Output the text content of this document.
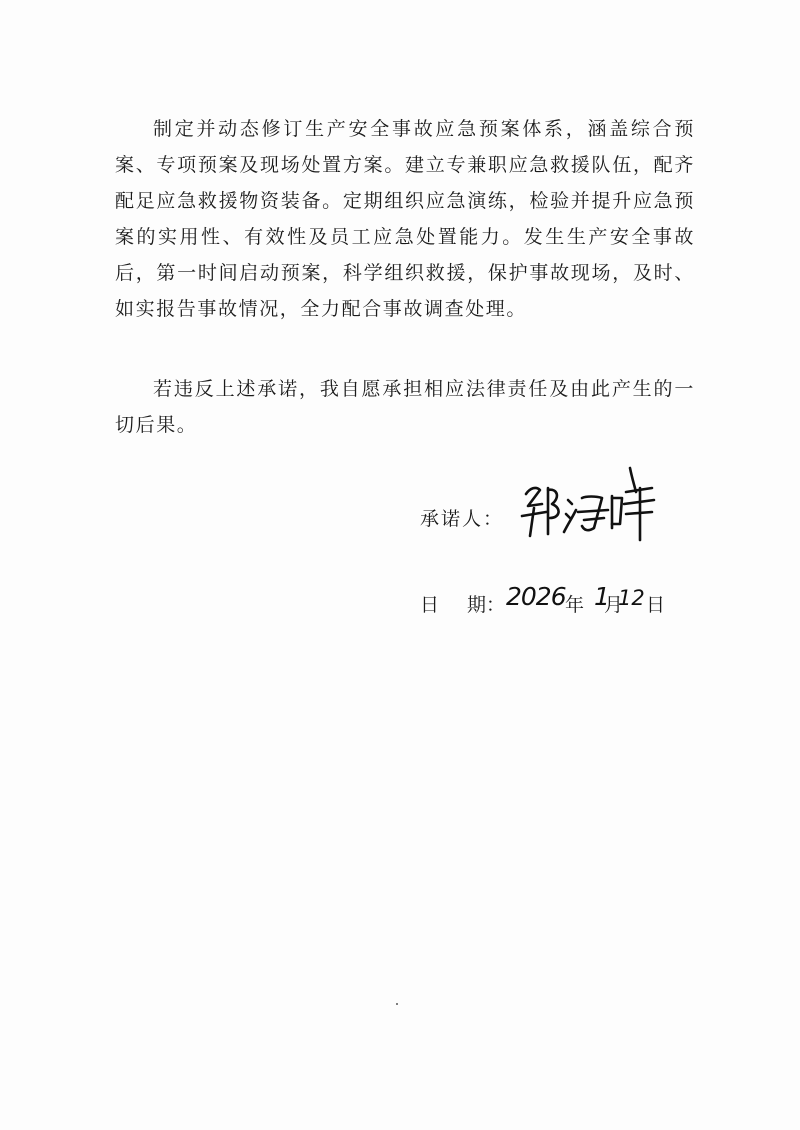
制定并动态修订生产安全事故应急预案体系，涵盖综合预案、专项预案及现场处置方案。建立专兼职应急救援队伍，配齐配足应急救援物资装备。定期组织应急演练，检验并提升应急预案的实用性、有效性及员工应急处置能力。发生生产安全事故后，第一时间启动预案，科学组织救援，保护事故现场，及时、如实报告事故情况，全力配合事故调查处理。

若违反上述承诺，我自愿承担相应法律责任及由此产生的一切后果。

承诺人：
日 期： 2026 年 1
月
12 日
